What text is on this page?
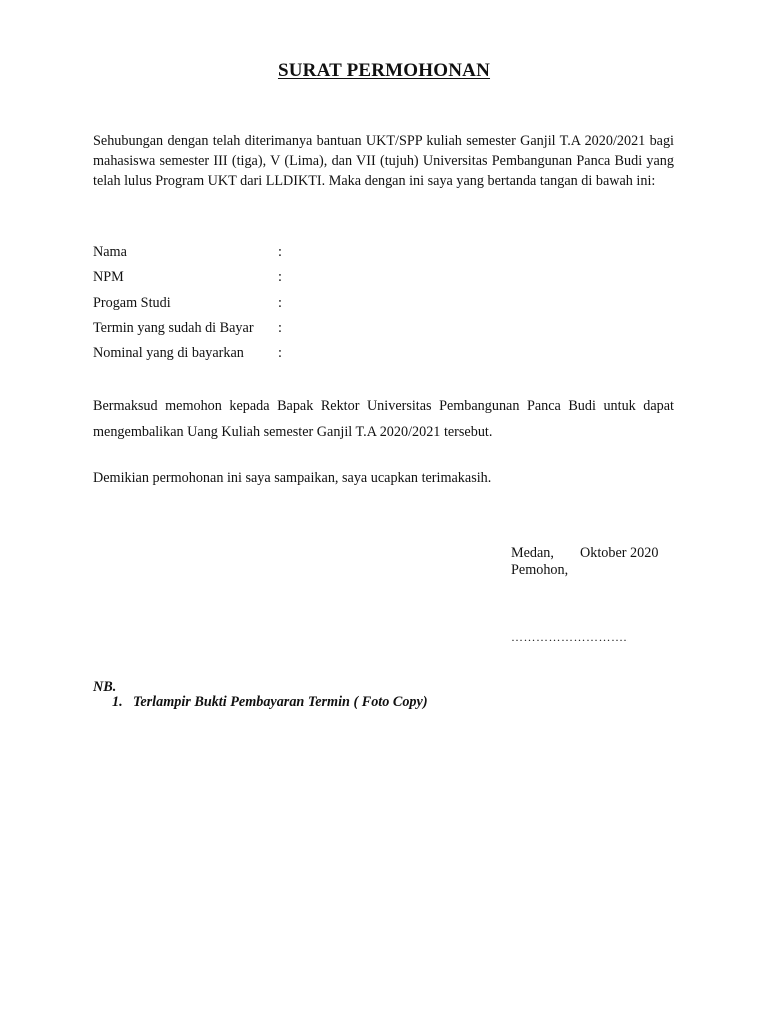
SURAT PERMOHONAN

Sehubungan dengan telah diterimanya bantuan UKT/SPP kuliah semester Ganjil T.A 2020/2021 bagi mahasiswa semester III (tiga), V (Lima), dan VII (tujuh) Universitas Pembangunan Panca Budi yang telah lulus Program UKT dari LLDIKTI. Maka dengan ini saya yang bertanda tangan di bawah ini:

Nama	:
NPM	:
Progam Studi	:
Termin yang sudah di Bayar	:
Nominal yang di bayarkan	:

Bermaksud memohon kepada Bapak Rektor Universitas Pembangunan Panca Budi untuk dapat mengembalikan Uang Kuliah semester Ganjil T.A 2020/2021 tersebut.

Demikian permohonan ini saya sampaikan, saya ucapkan terimakasih.

Medan,	Oktober 2020
Pemohon,
……………………….
NB.
1. Terlampir Bukti Pembayaran Termin ( Foto Copy)
